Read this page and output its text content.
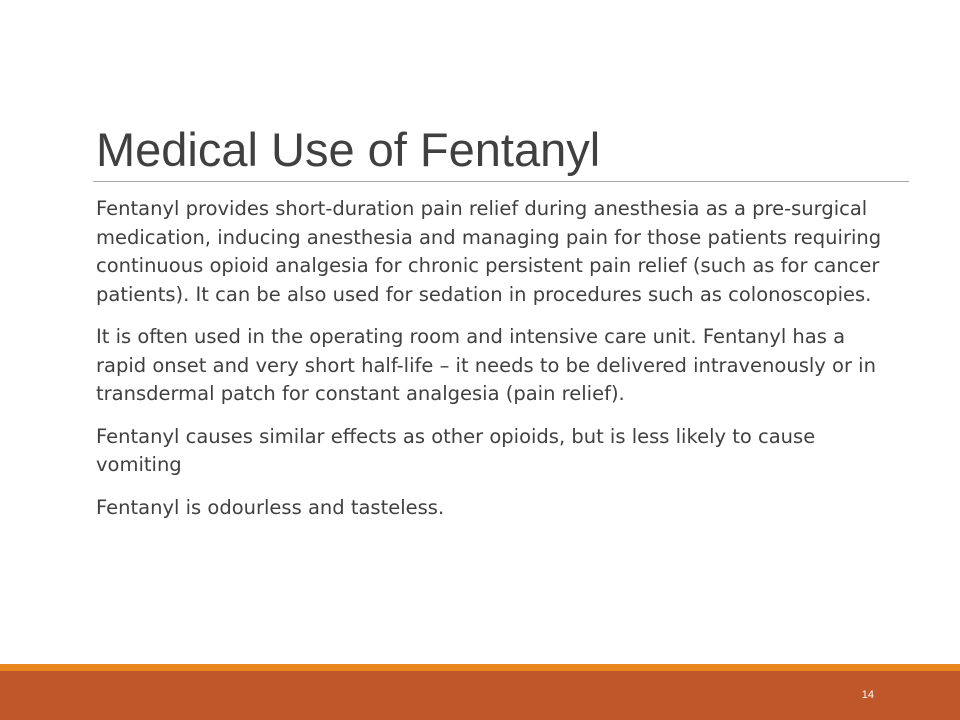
Medical Use of Fentanyl

Fentanyl provides short-duration pain relief during anesthesia as a pre-surgical medication, inducing anesthesia and managing pain for those patients requiring continuous opioid analgesia for chronic persistent pain relief (such as for cancer patients). It can be also used for sedation in procedures such as colonoscopies.

It is often used in the operating room and intensive care unit. Fentanyl has a rapid onset and very short half-life – it needs to be delivered intravenously or in transdermal patch for constant analgesia (pain relief).

Fentanyl causes similar effects as other opioids, but is less likely to cause vomiting

Fentanyl is odourless and tasteless.

14
